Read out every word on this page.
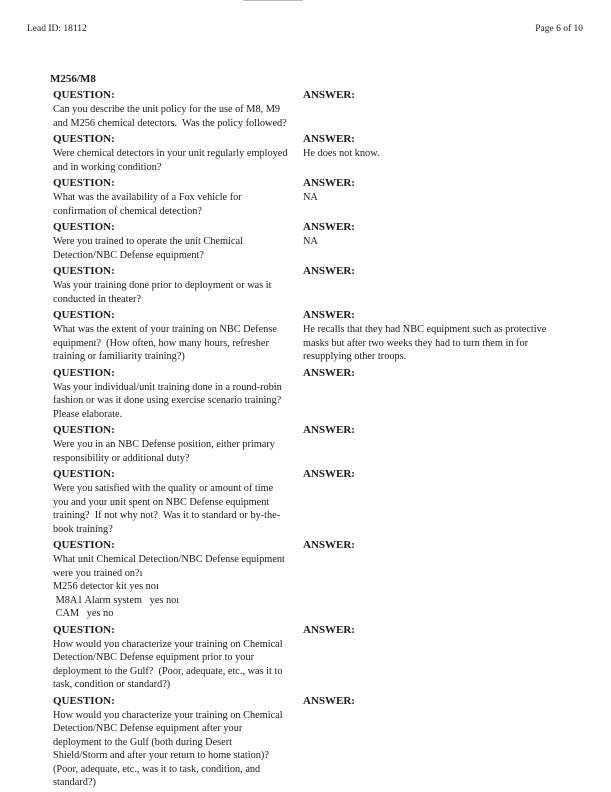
Lead ID: 18112	Page 6 of 10
M256/M8
QUESTION:
Can you describe the unit policy for the use of M8, M9
and M256 chemical detectors.  Was the policy followed?
ANSWER:
QUESTION:
Were chemical detectors in your unit regularly employed
and in working condition?
ANSWER:
He does not know.
QUESTION:
What was the availability of a Fox vehicle for
confirmation of chemical detection?
ANSWER:
NA
QUESTION:
Were you trained to operate the unit Chemical
Detection/NBC Defense equipment?
ANSWER:
NA
QUESTION:
Was your training done prior to deployment or was it
conducted in theater?
ANSWER:
QUESTION:
What was the extent of your training on NBC Defense
equipment?  (How often, how many hours, refresher
training or familiarity training?)
ANSWER:
He recalls that they had NBC equipment such as protective
masks but after two weeks they had to turn them in for
resupplying other troops.
QUESTION:
Was your individual/unit training done in a round-robin
fashion or was it done using exercise scenario training?
Please elaborate.
ANSWER:
QUESTION:
Were you in an NBC Defense position, either primary
responsibility or additional duty?
ANSWER:
QUESTION:
Were you satisfied with the quality or amount of time
you and your unit spent on NBC Defense equipment
training?  If not why not?  Was it to standard or by-the-
book training?
ANSWER:
QUESTION:
What unit Chemical Detection/NBC Defense equipment
were you trained on?ı
M256 detector kit yes noı
M8A1 Alarm system   yes noı
CAM   yes no
ANSWER:
QUESTION:
How would you characterize your training on Chemical
Detection/NBC Defense equipment prior to your
deployment to the Gulf?  (Poor, adequate, etc., was it to
task, condition or standard?)
ANSWER:
QUESTION:
How would you characterize your training on Chemical
Detection/NBC Defense equipment after your
deployment to the Gulf (both during Desert
Shield/Storm and after your return to home station)?
(Poor, adequate, etc., was it to task, condition, and
standard?)
ANSWER:
